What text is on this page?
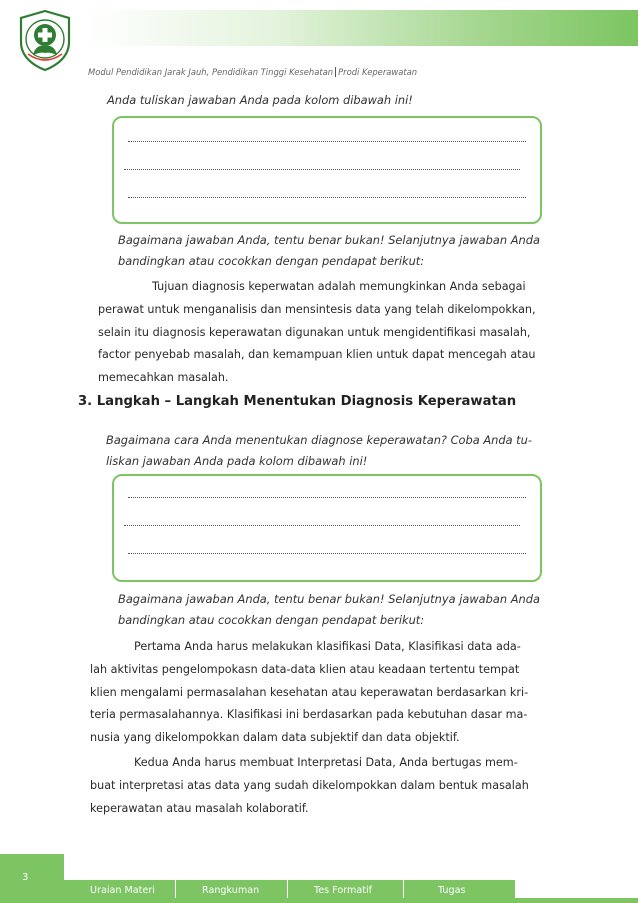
Modul Pendidikan Jarak Jauh, Pendidikan Tinggi Kesehatan Prodi Keperawatan
Anda tuliskan jawaban Anda pada kolom dibawah ini!
Bagaimana jawaban Anda, tentu benar bukan! Selanjutnya jawaban Anda
bandingkan atau cocokkan dengan pendapat berikut:
Tujuan diagnosis keperwatan adalah memungkinkan Anda sebagai
perawat untuk menganalisis dan mensintesis data yang telah dikelompokkan,
selain itu diagnosis keperawatan digunakan untuk mengidentifikasi masalah,
factor penyebab masalah, dan kemampuan klien untuk dapat mencegah atau
memecahkan masalah.
3. Langkah – Langkah Menentukan Diagnosis Keperawatan
Bagaimana cara Anda menentukan diagnose keperawatan? Coba Anda tu-
liskan jawaban Anda pada kolom dibawah ini!
Bagaimana jawaban Anda, tentu benar bukan! Selanjutnya jawaban Anda
bandingkan atau cocokkan dengan pendapat berikut:
Pertama Anda harus melakukan klasifikasi Data, Klasifikasi data ada-
lah aktivitas pengelompokasn data-data klien atau keadaan tertentu tempat
klien mengalami permasalahan kesehatan atau keperawatan berdasarkan kri-
teria permasalahannya. Klasifikasi ini berdasarkan pada kebutuhan dasar ma-
nusia yang dikelompokkan dalam data subjektif dan data objektif.
Kedua Anda harus membuat Interpretasi Data, Anda bertugas mem-
buat interpretasi atas data yang sudah dikelompokkan dalam bentuk masalah
keperawatan atau masalah kolaboratif.
3
Uraian Materi	Rangkuman	Tes Formatif	Tugas
